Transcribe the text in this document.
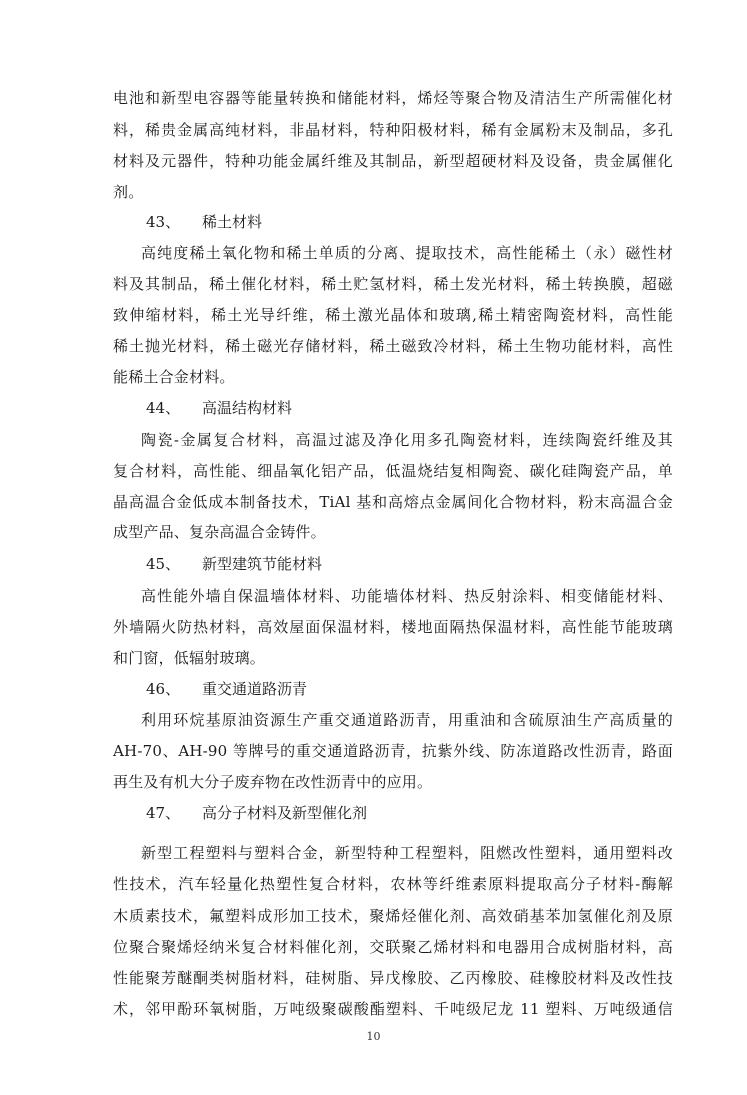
电池和新型电容器等能量转换和储能材料，烯烃等聚合物及清洁生产所需催化材
料，稀贵金属高纯材料，非晶材料，特种阳极材料，稀有金属粉末及制品，多孔
材料及元器件，特种功能金属纤维及其制品，新型超硬材料及设备，贵金属催化
剂。
43、 稀土材料
高纯度稀土氧化物和稀土单质的分离、提取技术，高性能稀土（永）磁性材
料及其制品，稀土催化材料，稀土贮氢材料，稀土发光材料，稀土转换膜，超磁
致伸缩材料，稀土光导纤维，稀土激光晶体和玻璃,稀土精密陶瓷材料，高性能
稀土抛光材料，稀土磁光存储材料，稀土磁致冷材料，稀土生物功能材料，高性
能稀土合金材料。
44、 高温结构材料
陶瓷-金属复合材料，高温过滤及净化用多孔陶瓷材料，连续陶瓷纤维及其
复合材料，高性能、细晶氧化铝产品，低温烧结复相陶瓷、碳化硅陶瓷产品，单
晶高温合金低成本制备技术，TiAl 基和高熔点金属间化合物材料，粉末高温合金
成型产品、复杂高温合金铸件。
45、 新型建筑节能材料
高性能外墙自保温墙体材料、功能墙体材料、热反射涂料、相变储能材料、
外墙隔火防热材料，高效屋面保温材料，楼地面隔热保温材料，高性能节能玻璃
和门窗，低辐射玻璃。
46、 重交通道路沥青
利用环烷基原油资源生产重交通道路沥青，用重油和含硫原油生产高质量的
AH-70、AH-90 等牌号的重交通道路沥青，抗紫外线、防冻道路改性沥青，路面
再生及有机大分子废弃物在改性沥青中的应用。
47、 高分子材料及新型催化剂
新型工程塑料与塑料合金，新型特种工程塑料，阻燃改性塑料，通用塑料改
性技术，汽车轻量化热塑性复合材料，农林等纤维素原料提取高分子材料-酶解
木质素技术，氟塑料成形加工技术，聚烯烃催化剂、高效硝基苯加氢催化剂及原
位聚合聚烯烃纳米复合材料催化剂，交联聚乙烯材料和电器用合成树脂材料，高
性能聚芳醚酮类树脂材料，硅树脂、异戊橡胶、乙丙橡胶、硅橡胶材料及改性技
术，邻甲酚环氧树脂，万吨级聚碳酸酯塑料、千吨级尼龙 11 塑料、万吨级通信
10
